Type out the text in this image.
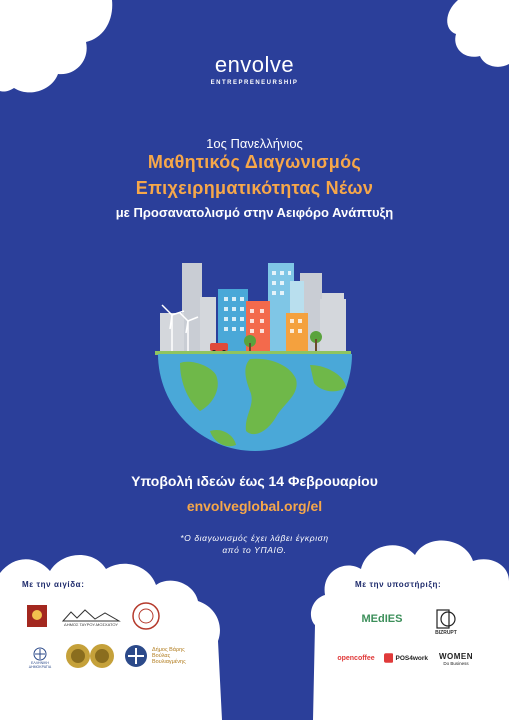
envolve
ENTREPRENEURSHIP
1ος Πανελλήνιος
Μαθητικός Διαγωνισμός
Επιχειρηματικότητας Νέων
με Προσανατολισμό στην Αειφόρο Ανάπτυξη
Υποβολή ιδεών έως 14 Φεβρουαρίου
envolveglobal.org/el
*Ο διαγωνισμός έχει λάβει έγκριση
από το ΥΠΑΙΘ.
Με την αιγίδα:
ΔΗΜΟΣ ΤΑΥΡΟΥ-ΜΟΣΧΑΤΟΥ
ΕΛΛΗΝΙΚΗ ΔΗΜΟΚΡΑΤΙΑ
Δήμος Βάρης Βούλας Βουλιαγμένης
Με την υποστήριξη:
MEdIES
BIZRUPT
opencoffee	POS4work WOMEN
Do Business
